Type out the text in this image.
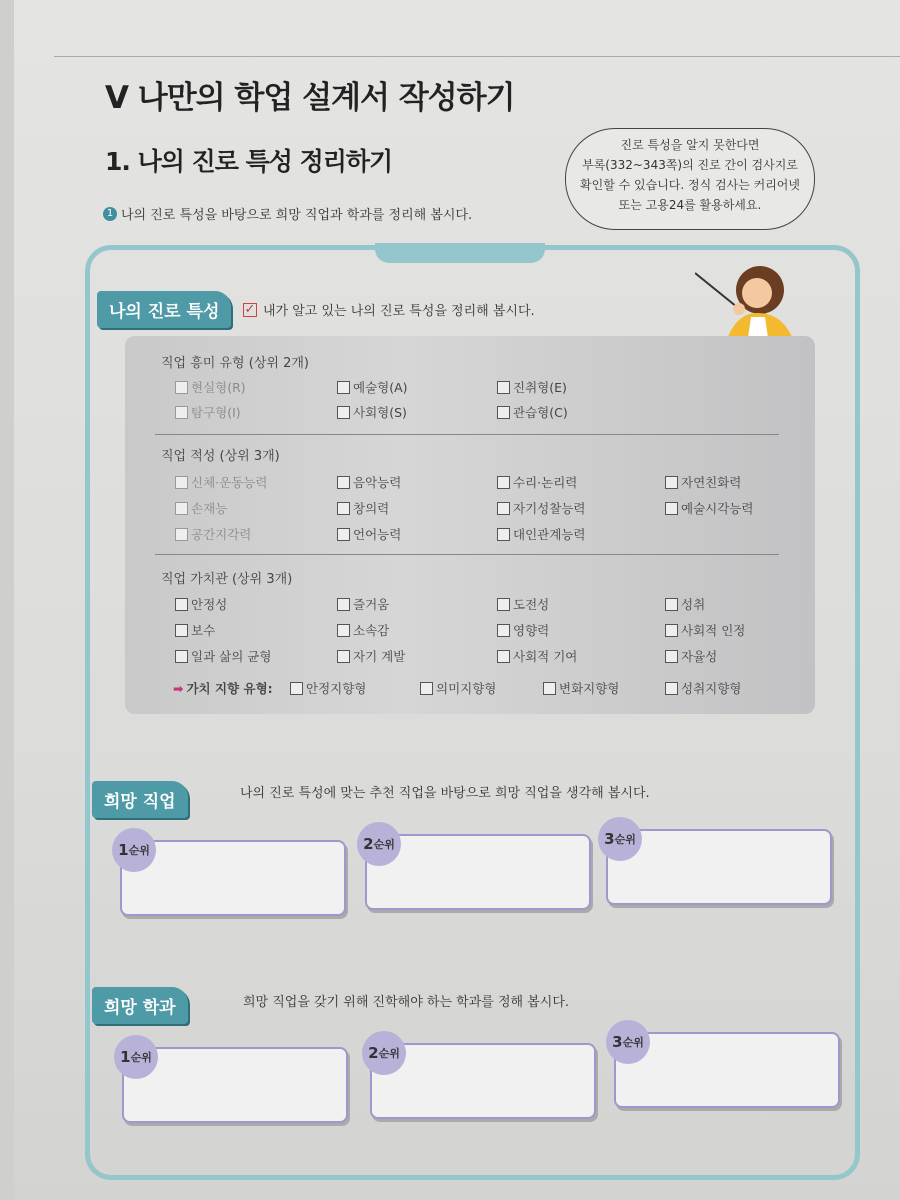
V 나만의 학업 설계서 작성하기
1. 나의 진로 특성 정리하기
1 나의 진로 특성을 바탕으로 희망 직업과 학과를 정리해 봅시다.
진로 특성을 알지 못한다면
부록(332~343쪽)의 진로 간이 검사지로
확인할 수 있습니다. 정식 검사는 커리어넷
또는 고용24를 활용하세요.
나의 진로 특성	✓ 내가 알고 있는 나의 진로 특성을 정리해 봅시다.
직업 흥미 유형 (상위 2개)
현실형(R)	예술형(A)	진취형(E)
탐구형(I)	사회형(S)	관습형(C)
직업 적성 (상위 3개)
신체·운동능력	음악능력	수리·논리력	자연친화력
손재능	창의력	자기성찰능력	예술시각능력
공간지각력	언어능력	대인관계능력
직업 가치관 (상위 3개)
안정성	즐거움	도전성	성취
보수	소속감	영향력	사회적 인정
일과 삶의 균형	자기 계발	사회적 기여	자율성
➡ 가치 지향 유형:	안정지향형	의미지향형	변화지향형	성취지향형
희망 직업	나의 진로 특성에 맞는 추천 직업을 바탕으로 희망 직업을 생각해 봅시다.
1 순위	2 순위	3 순위
희망 학과	희망 직업을 갖기 위해 진학해야 하는 학과를 정해 봅시다.
1 순위	2 순위
3 순위
